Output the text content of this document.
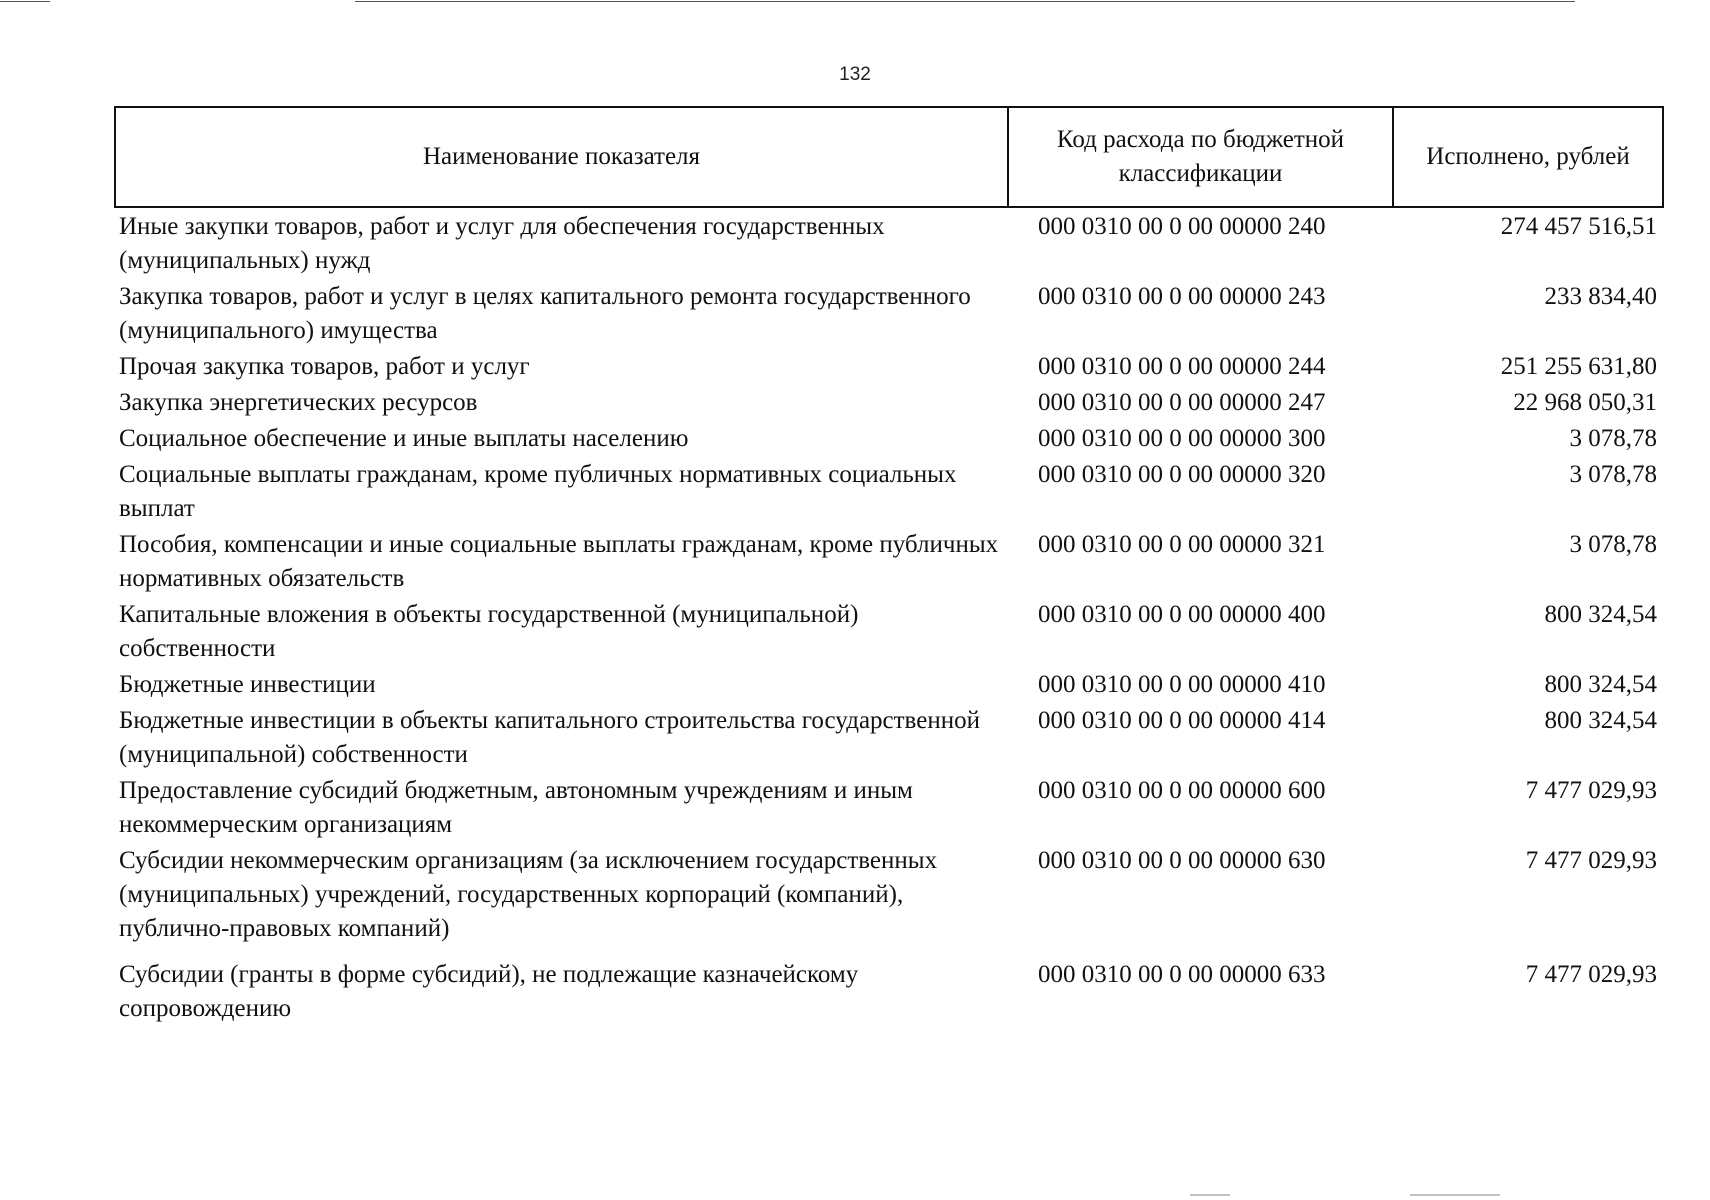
132
Наименование показателя	Код расхода по бюджетной классификации	Исполнено, рублей
Иные закупки товаров, работ и услуг для обеспечения государственных (муниципальных) нужд	000 0310 00 0 00 00000 240	274 457 516,51
Закупка товаров, работ и услуг в целях капитального ремонта государственного (муниципального) имущества	000 0310 00 0 00 00000 243	233 834,40
Прочая закупка товаров, работ и услуг	000 0310 00 0 00 00000 244	251 255 631,80
Закупка энергетических ресурсов	000 0310 00 0 00 00000 247	22 968 050,31
Социальное обеспечение и иные выплаты населению	000 0310 00 0 00 00000 300	3 078,78
Социальные выплаты гражданам, кроме публичных нормативных социальных выплат	000 0310 00 0 00 00000 320	3 078,78
Пособия, компенсации и иные социальные выплаты гражданам, кроме публичных нормативных обязательств	000 0310 00 0 00 00000 321	3 078,78
Капитальные вложения в объекты государственной (муниципальной) собственности	000 0310 00 0 00 00000 400	800 324,54
Бюджетные инвестиции	000 0310 00 0 00 00000 410	800 324,54
Бюджетные инвестиции в объекты капитального строительства государственной (муниципальной) собственности	000 0310 00 0 00 00000 414	800 324,54
Предоставление субсидий бюджетным, автономным учреждениям и иным некоммерческим организациям	000 0310 00 0 00 00000 600	7 477 029,93
Субсидии некоммерческим организациям (за исключением государственных (муниципальных) учреждений, государственных корпораций (компаний), публично-правовых компаний)	000 0310 00 0 00 00000 630	7 477 029,93
Субсидии (гранты в форме субсидий), не подлежащие казначейскому сопровождению	000 0310 00 0 00 00000 633	7 477 029,93
